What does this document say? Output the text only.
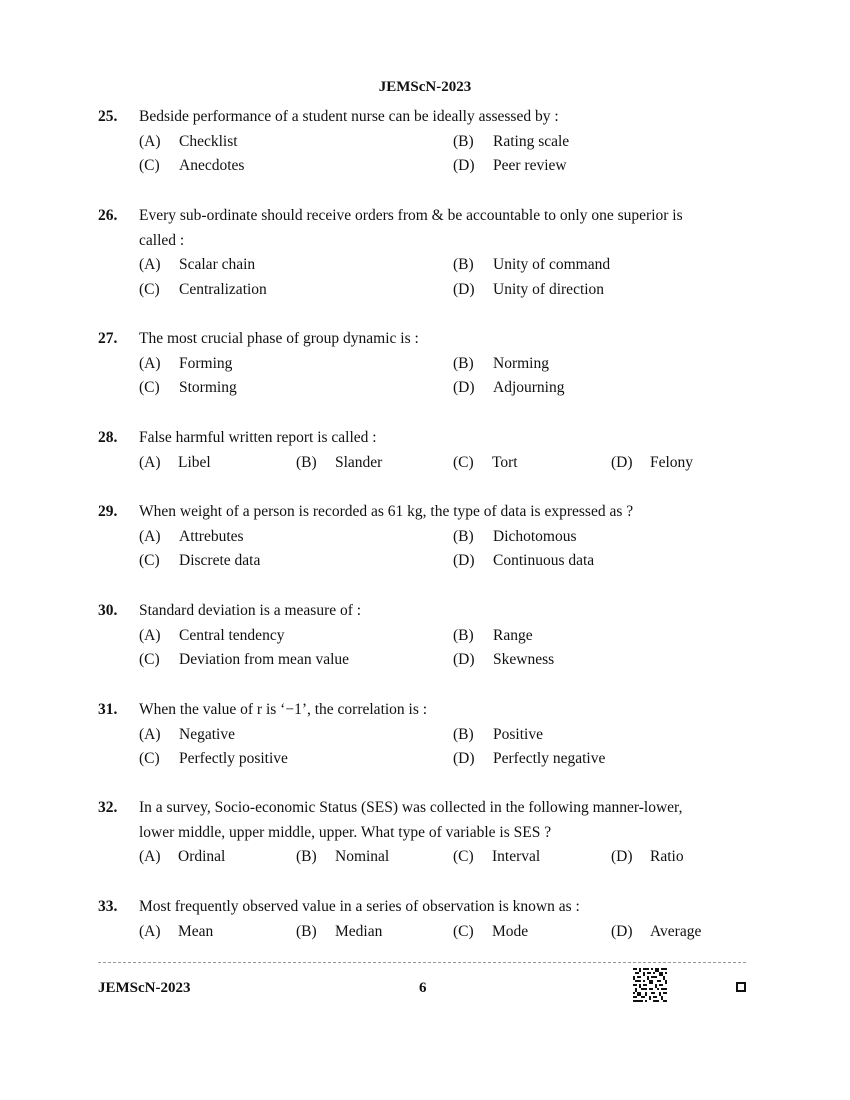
JEMScN-2023
25. Bedside performance of a student nurse can be ideally assessed by :
(A) Checklist	(B) Rating scale
(C) Anecdotes	(D) Peer review
26. Every sub-ordinate should receive orders from & be accountable to only one superior is
called :
(A) Scalar chain	(B) Unity of command
(C) Centralization	(D) Unity of direction
27. The most crucial phase of group dynamic is :
(A) Forming	(B) Norming
(C) Storming	(D) Adjourning
28. False harmful written report is called :
(A) Libel	(B) Slander	(C) Tort	(D) Felony
29. When weight of a person is recorded as 61 kg, the type of data is expressed as ?
(A) Attrebutes	(B) Dichotomous
(C) Discrete data	(D) Continuous data
30. Standard deviation is a measure of :
(A) Central tendency	(B) Range
(C) Deviation from mean value	(D) Skewness
31. When the value of r is ‘−1’, the correlation is :
(A) Negative	(B) Positive
(C) Perfectly positive	(D) Perfectly negative
32. In a survey, Socio-economic Status (SES) was collected in the following manner-lower,
lower middle, upper middle, upper. What type of variable is SES ?
(A) Ordinal	(B) Nominal	(C) Interval	(D) Ratio
33. Most frequently observed value in a series of observation is known as :
(A) Mean	(B) Median	(C) Mode	(D) Average
JEMScN-2023	6
